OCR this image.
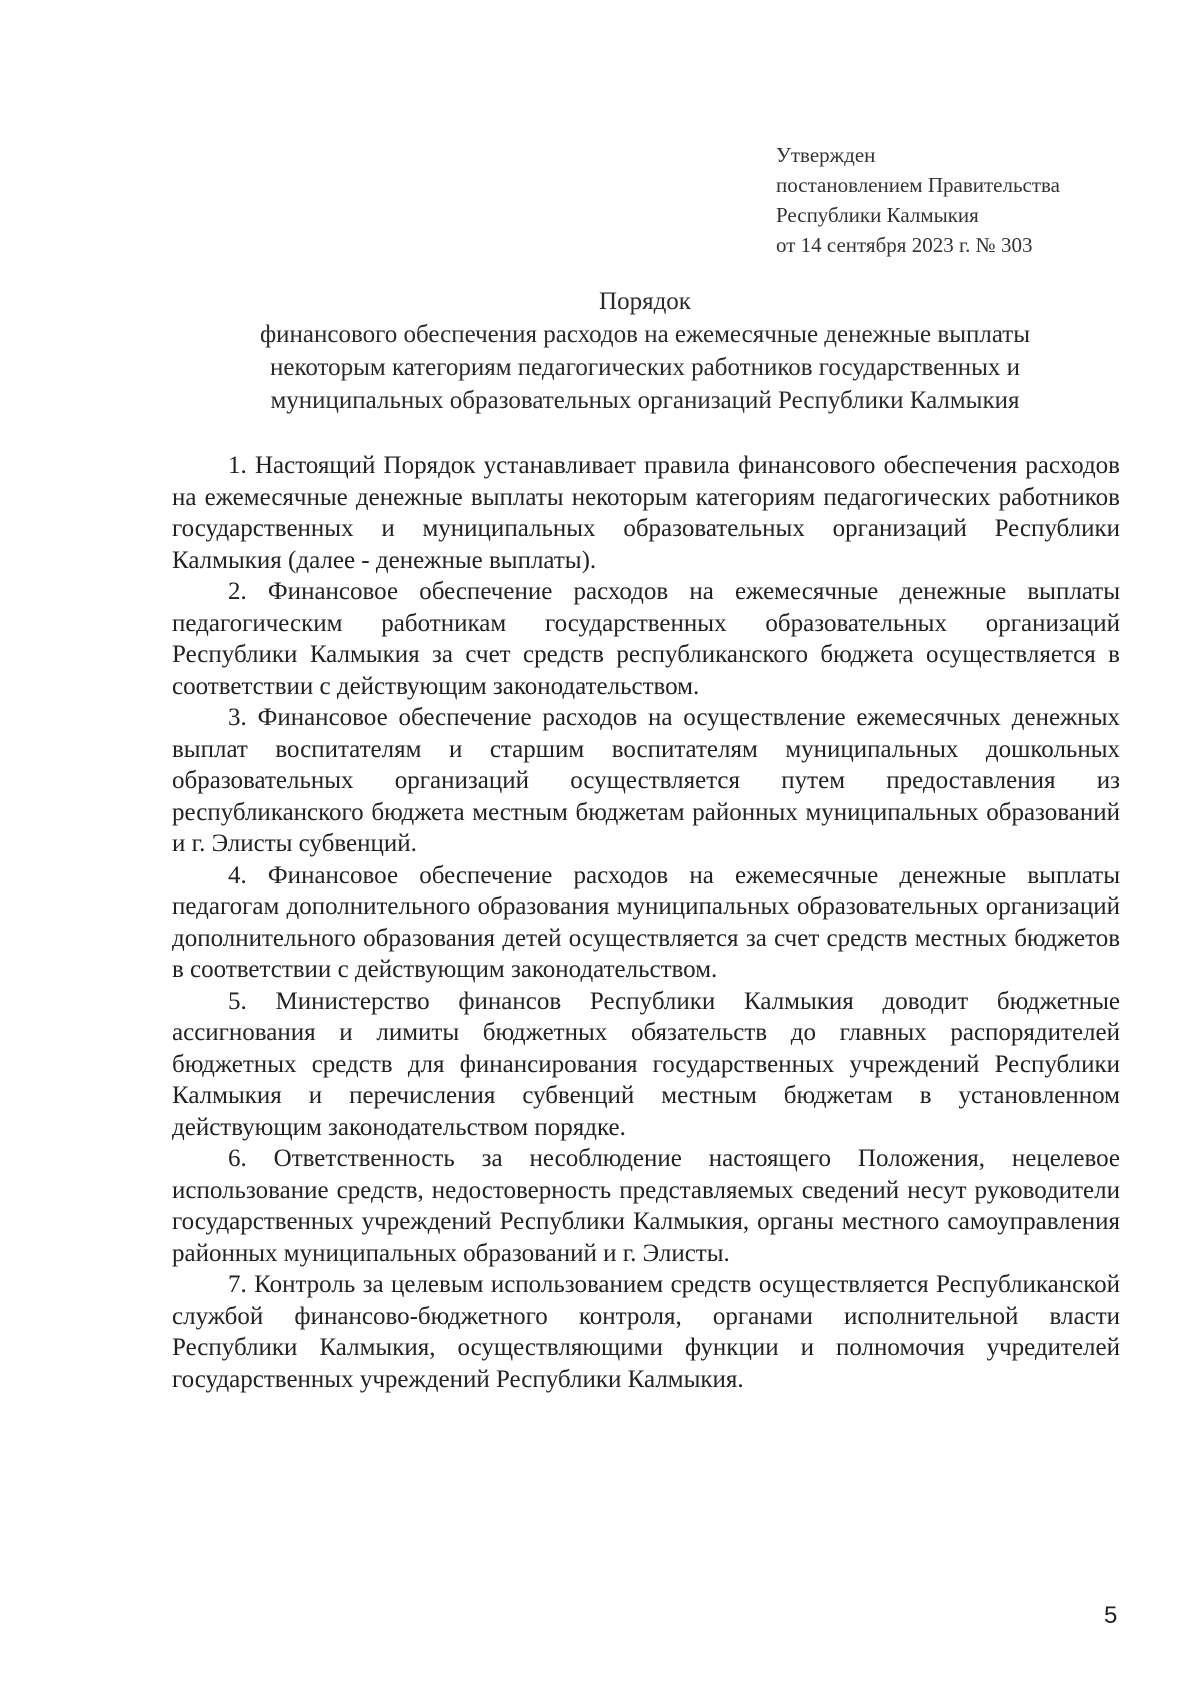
Утвержден
постановлением Правительства
Республики Калмыкия
от 14 сентября 2023 г. № 303
Порядок
финансового обеспечения расходов на ежемесячные денежные выплаты
некоторым категориям педагогических работников государственных и
муниципальных образовательных организаций Республики Калмыкия

1. Настоящий Порядок устанавливает правила финансового обеспечения расходов на ежемесячные денежные выплаты некоторым категориям педагогических работников государственных и муниципальных образовательных организаций Республики Калмыкия (далее - денежные выплаты).

2. Финансовое обеспечение расходов на ежемесячные денежные выплаты педагогическим работникам государственных образовательных организаций Республики Калмыкия за счет средств республиканского бюджета осуществляется в соответствии с действующим законодательством.

3. Финансовое обеспечение расходов на осуществление ежемесячных денежных выплат воспитателям и старшим воспитателям муниципальных дошкольных образовательных организаций осуществляется путем предоставления из республиканского бюджета местным бюджетам районных муниципальных образований и г. Элисты субвенций.

4. Финансовое обеспечение расходов на ежемесячные денежные выплаты педагогам дополнительного образования муниципальных образовательных организаций дополнительного образования детей осуществляется за счет средств местных бюджетов в соответствии с действующим законодательством.

5. Министерство финансов Республики Калмыкия доводит бюджетные ассигнования и лимиты бюджетных обязательств до главных распорядителей бюджетных средств для финансирования государственных учреждений Республики Калмыкия и перечисления субвенций местным бюджетам в установленном действующим законодательством порядке.

6. Ответственность за несоблюдение настоящего Положения, нецелевое использование средств, недостоверность представляемых сведений несут руководители государственных учреждений Республики Калмыкия, органы местного самоуправления районных муниципальных образований и г. Элисты.

7. Контроль за целевым использованием средств осуществляется Республиканской службой финансово-бюджетного контроля, органами исполнительной власти Республики Калмыкия, осуществляющими функции и полномочия учредителей государственных учреждений Республики Калмыкия.

5
